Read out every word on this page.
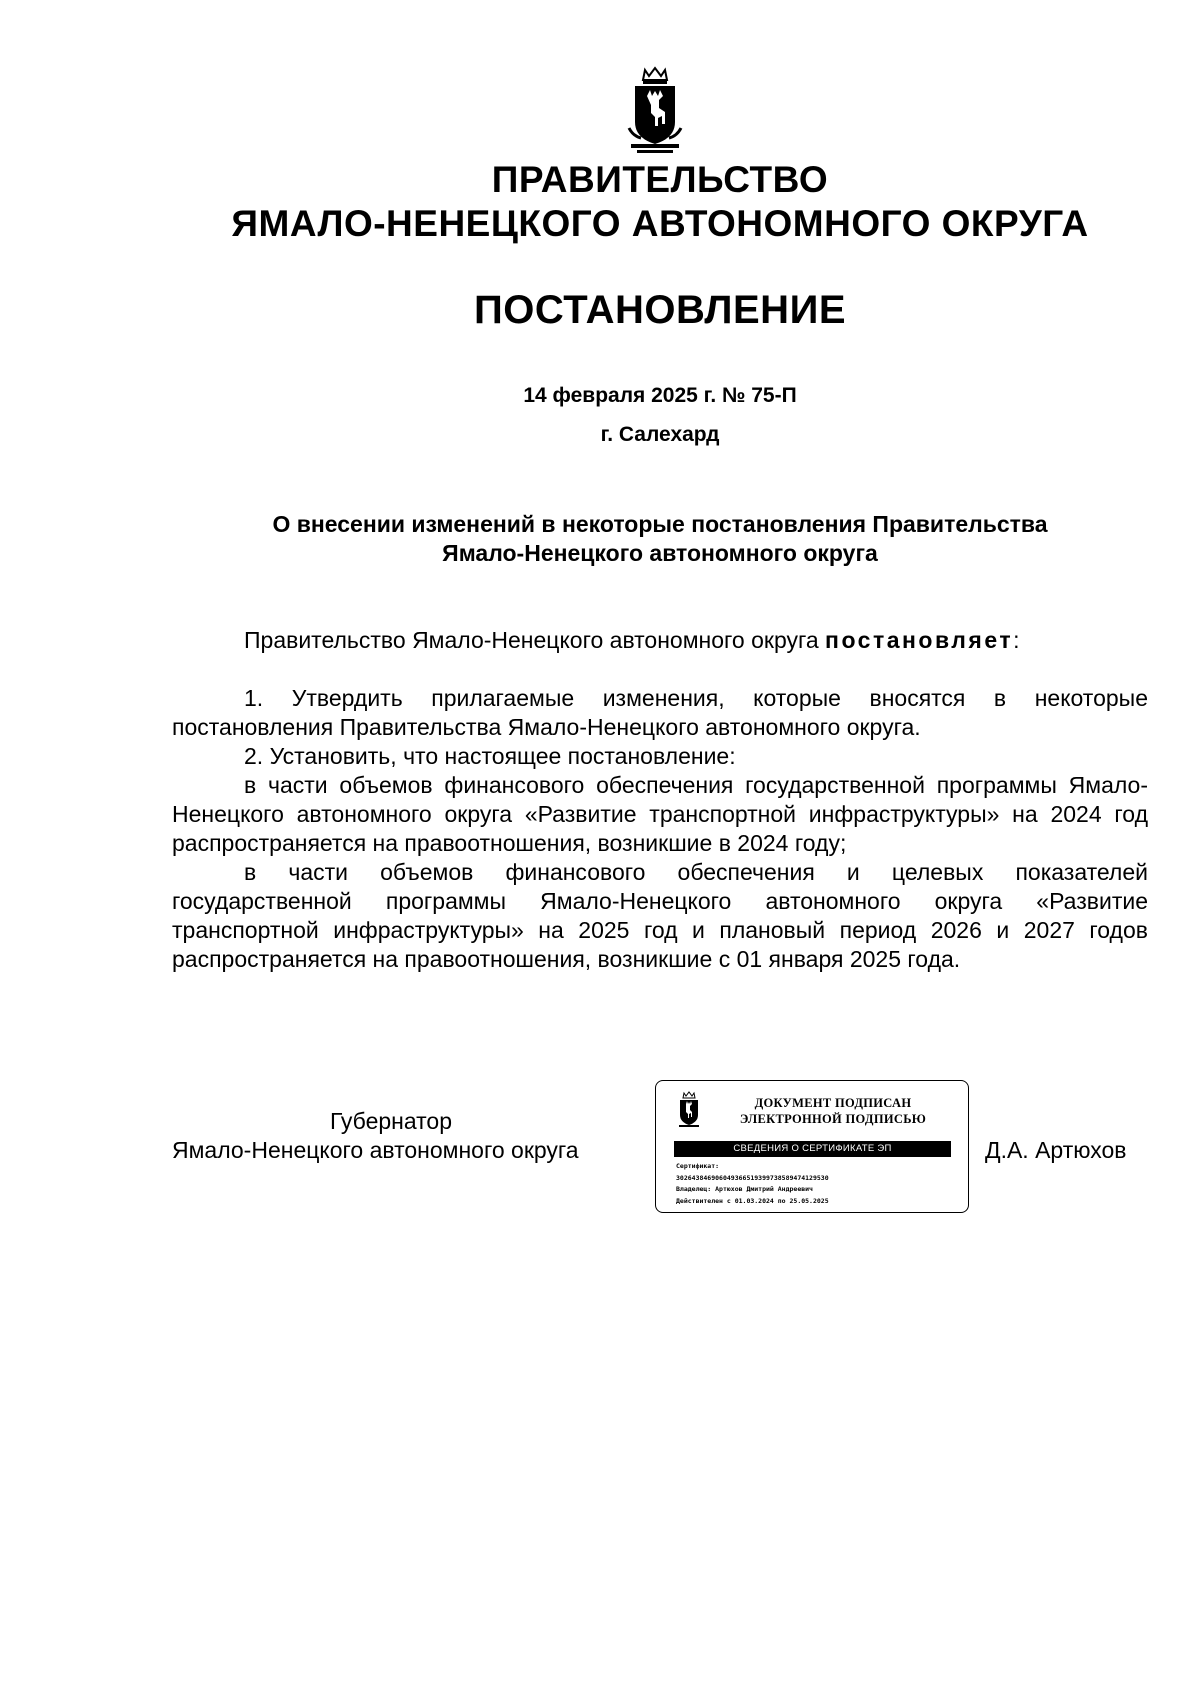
ПРАВИТЕЛЬСТВО
ЯМАЛО-НЕНЕЦКОГО АВТОНОМНОГО ОКРУГА
ПОСТАНОВЛЕНИЕ
14 февраля 2025 г. № 75-П
г. Салехард
О внесении изменений в некоторые постановления Правительства
Ямало-Ненецкого автономного округа

Правительство Ямало-Ненецкого автономного округа постановляет:

1. Утвердить прилагаемые изменения, которые вносятся в некоторые постановления Правительства Ямало-Ненецкого автономного округа.

2. Установить, что настоящее постановление:

в части объемов финансового обеспечения государственной программы Ямало-Ненецкого автономного округа «Развитие транспортной инфраструктуры» на 2024 год распространяется на правоотношения, возникшие в 2024 году;

в части объемов финансового обеспечения и целевых показателей государственной программы Ямало-Ненецкого автономного округа «Развитие транспортной инфраструктуры» на 2025 год и плановый период 2026 и 2027 годов распространяется на правоотношения, возникшие с 01 января 2025 года.

Губернатор
Ямало-Ненецкого автономного округа
ДОКУМЕНТ ПОДПИСАН
ЭЛЕКТРОННОЙ ПОДПИСЬЮ
СВЕДЕНИЯ О СЕРТИФИКАТЕ ЭП
Сертификат:
3026438469060493665193997385894741295З0
Владелец: Артюхов Дмитрий Андреевич
Действителен с 01.03.2024 по 25.05.2025
Д.А. Артюхов
